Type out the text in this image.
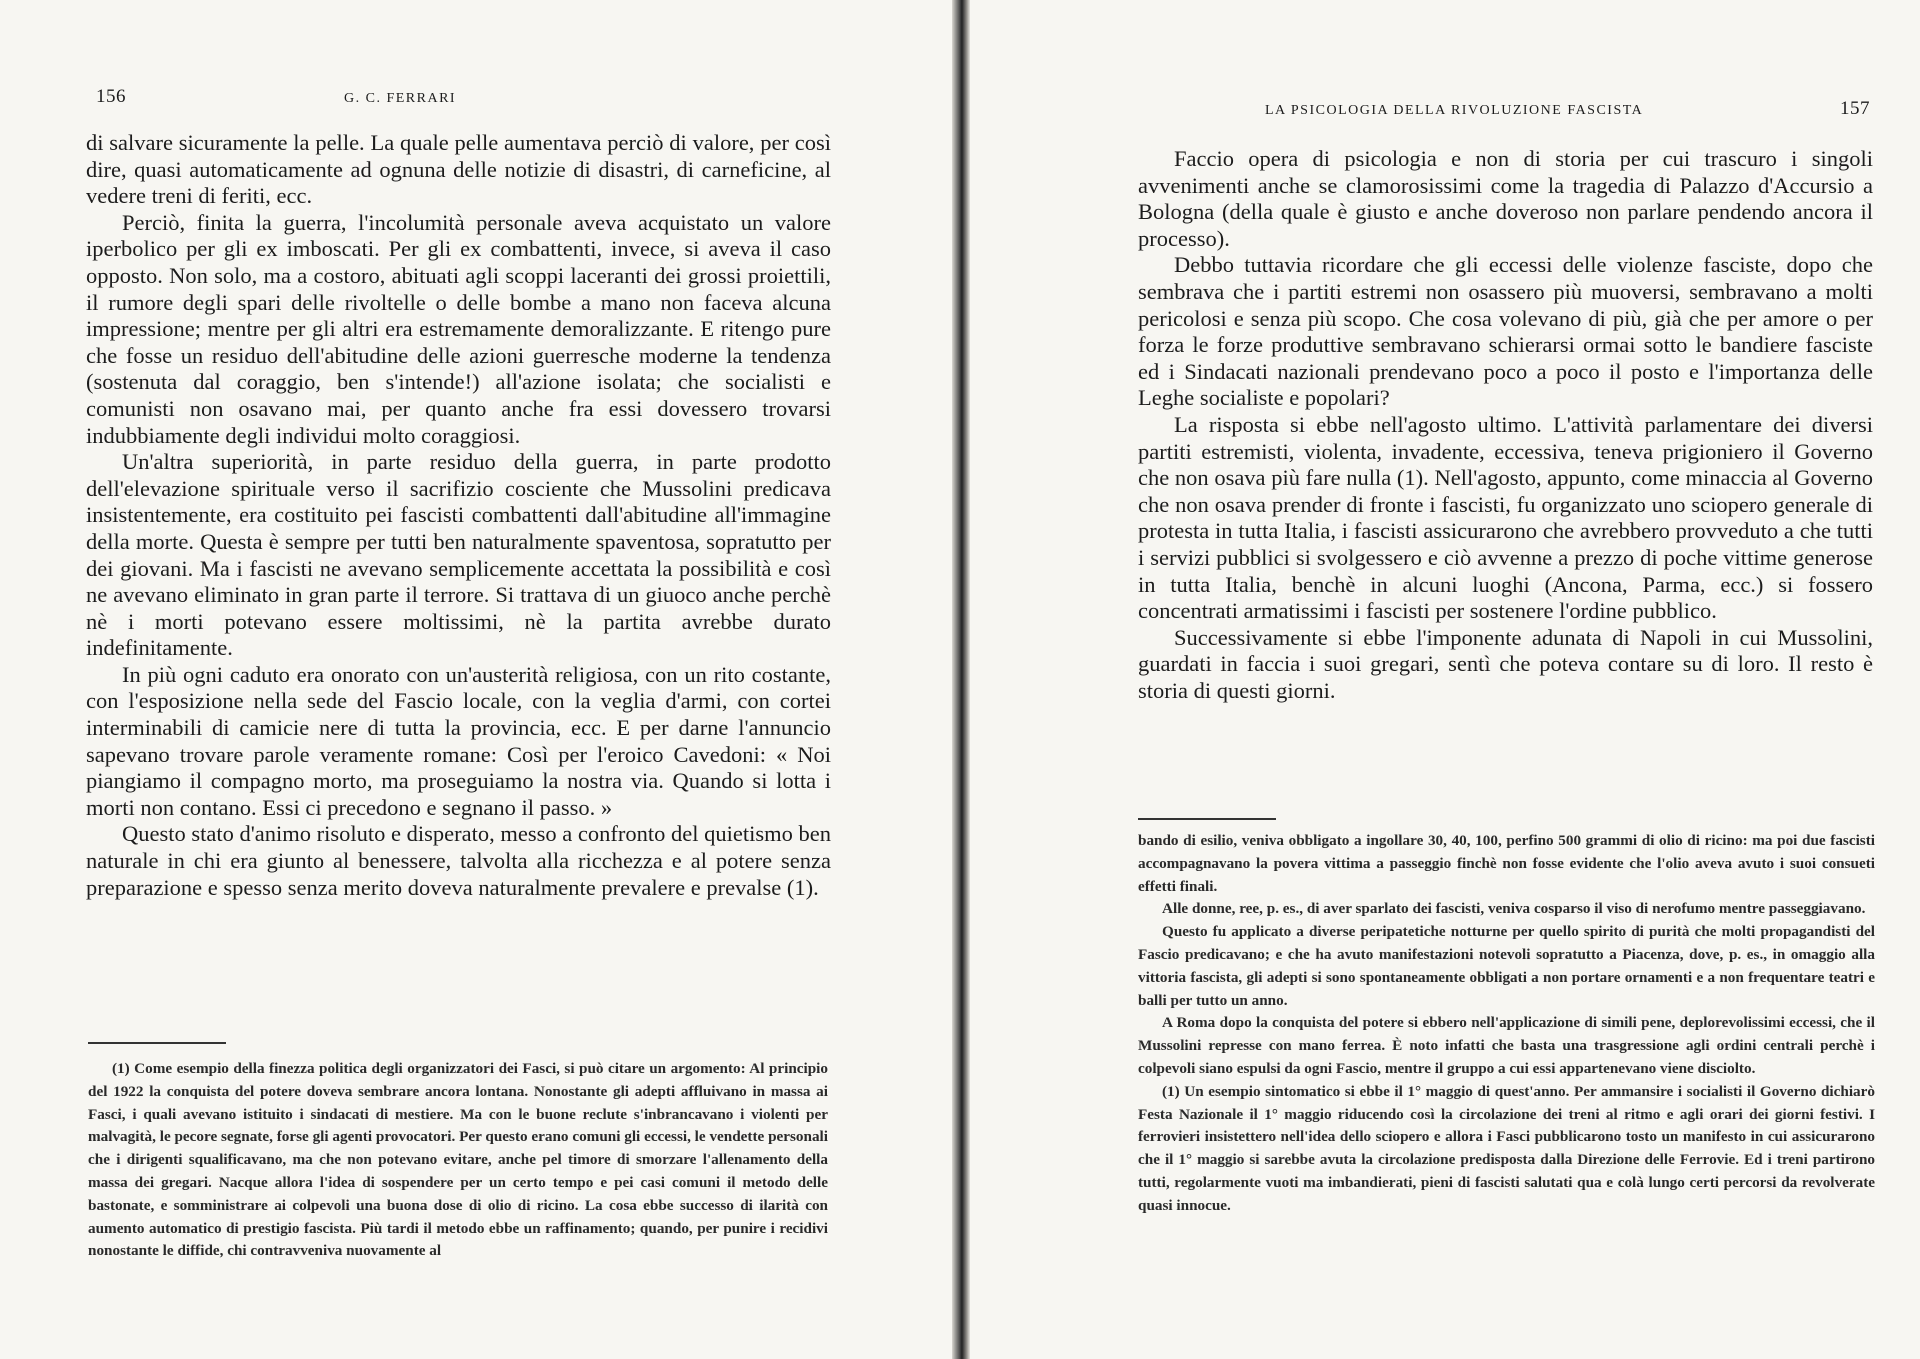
156	G. C. FERRARI

di salvare sicuramente la pelle. La quale pelle aumentava perciò di valore, per così dire, quasi automaticamente ad ognuna delle notizie di disastri, di carneficine, al vedere treni di feriti, ecc.

Perciò, finita la guerra, l'incolumità personale aveva acquistato un valore iperbolico per gli ex imboscati. Per gli ex combattenti, invece, si aveva il caso opposto. Non solo, ma a costoro, abituati agli scoppi laceranti dei grossi proiettili, il rumore degli spari delle rivoltelle o delle bombe a mano non faceva alcuna impressione; mentre per gli altri era estremamente demoralizzante. E ritengo pure che fosse un residuo dell'abitudine delle azioni guerresche moderne la tendenza (sostenuta dal coraggio, ben s'intende!) all'azione isolata; che socialisti e comunisti non osavano mai, per quanto anche fra essi dovessero trovarsi indubbiamente degli individui molto coraggiosi.

Un'altra superiorità, in parte residuo della guerra, in parte prodotto dell'elevazione spirituale verso il sacrifizio cosciente che Mussolini predicava insistentemente, era costituito pei fascisti combattenti dall'abitudine all'immagine della morte. Questa è sempre per tutti ben naturalmente spaventosa, sopratutto per dei giovani. Ma i fascisti ne avevano semplicemente accettata la possibilità e così ne avevano eliminato in gran parte il terrore. Si trattava di un giuoco anche perchè nè i morti potevano essere moltissimi, nè la partita avrebbe durato indefinitamente.

In più ogni caduto era onorato con un'austerità religiosa, con un rito costante, con l'esposizione nella sede del Fascio locale, con la veglia d'armi, con cortei interminabili di camicie nere di tutta la provincia, ecc. E per darne l'annuncio sapevano trovare parole veramente romane: Così per l'eroico Cavedoni: « Noi piangiamo il compagno morto, ma proseguiamo la nostra via. Quando si lotta i morti non contano. Essi ci precedono e segnano il passo. »

Questo stato d'animo risoluto e disperato, messo a confronto del quietismo ben naturale in chi era giunto al benessere, talvolta alla ricchezza e al potere senza preparazione e spesso senza merito doveva naturalmente prevalere e prevalse (1).

(1) Come esempio della finezza politica degli organizzatori dei Fasci, si può citare un argomento: Al principio del 1922 la conquista del potere doveva sembrare ancora lontana. Nonostante gli adepti affluivano in massa ai Fasci, i quali avevano istituito i sindacati di mestiere. Ma con le buone reclute s'inbrancavano i violenti per malvagità, le pecore segnate, forse gli agenti provocatori. Per questo erano comuni gli eccessi, le vendette personali che i dirigenti squalificavano, ma che non potevano evitare, anche pel timore di smorzare l'allenamento della massa dei gregari. Nacque allora l'idea di sospendere per un certo tempo e pei casi comuni il metodo delle bastonate, e somministrare ai colpevoli una buona dose di olio di ricino. La cosa ebbe successo di ilarità con aumento automatico di prestigio fascista. Più tardi il metodo ebbe un raffinamento; quando, per punire i recidivi nonostante le diffide, chi contravveniva nuovamente al

LA PSICOLOGIA DELLA RIVOLUZIONE FASCISTA	157

Faccio opera di psicologia e non di storia per cui trascuro i singoli avvenimenti anche se clamorosissimi come la tragedia di Palazzo d'Accursio a Bologna (della quale è giusto e anche doveroso non parlare pendendo ancora il processo).

Debbo tuttavia ricordare che gli eccessi delle violenze fasciste, dopo che sembrava che i partiti estremi non osassero più muoversi, sembravano a molti pericolosi e senza più scopo. Che cosa volevano di più, già che per amore o per forza le forze produttive sembravano schierarsi ormai sotto le bandiere fasciste ed i Sindacati nazionali prendevano poco a poco il posto e l'importanza delle Leghe socialiste e popolari?

La risposta si ebbe nell'agosto ultimo. L'attività parlamentare dei diversi partiti estremisti, violenta, invadente, eccessiva, teneva prigioniero il Governo che non osava più fare nulla (1). Nell'agosto, appunto, come minaccia al Governo che non osava prender di fronte i fascisti, fu organizzato uno sciopero generale di protesta in tutta Italia, i fascisti assicurarono che avrebbero provveduto a che tutti i servizi pubblici si svolgessero e ciò avvenne a prezzo di poche vittime generose in tutta Italia, benchè in alcuni luoghi (Ancona, Parma, ecc.) si fossero concentrati armatissimi i fascisti per sostenere l'ordine pubblico.

Successivamente si ebbe l'imponente adunata di Napoli in cui Mussolini, guardati in faccia i suoi gregari, sentì che poteva contare su di loro. Il resto è storia di questi giorni.

bando di esilio, veniva obbligato a ingollare 30, 40, 100, perfino 500 grammi di olio di ricino: ma poi due fascisti accompagnavano la povera vittima a passeggio finchè non fosse evidente che l'olio aveva avuto i suoi consueti effetti finali.

Alle donne, ree, p. es., di aver sparlato dei fascisti, veniva cosparso il viso di nerofumo mentre passeggiavano.

Questo fu applicato a diverse peripatetiche notturne per quello spirito di purità che molti propagandisti del Fascio predicavano; e che ha avuto manifestazioni notevoli sopratutto a Piacenza, dove, p. es., in omaggio alla vittoria fascista, gli adepti si sono spontaneamente obbligati a non portare ornamenti e a non frequentare teatri e balli per tutto un anno.

A Roma dopo la conquista del potere si ebbero nell'applicazione di simili pene, deplorevolissimi eccessi, che il Mussolini represse con mano ferrea. È noto infatti che basta una trasgressione agli ordini centrali perchè i colpevoli siano espulsi da ogni Fascio, mentre il gruppo a cui essi appartenevano viene disciolto.

(1) Un esempio sintomatico si ebbe il 1° maggio di quest'anno. Per ammansire i socialisti il Governo dichiarò Festa Nazionale il 1° maggio riducendo così la circolazione dei treni al ritmo e agli orari dei giorni festivi. I ferrovieri insistettero nell'idea dello sciopero e allora i Fasci pubblicarono tosto un manifesto in cui assicurarono che il 1° maggio si sarebbe avuta la circolazione predisposta dalla Direzione delle Ferrovie. Ed i treni partirono tutti, regolarmente vuoti ma imbandierati, pieni di fascisti salutati qua e colà lungo certi percorsi da revolverate quasi innocue.
